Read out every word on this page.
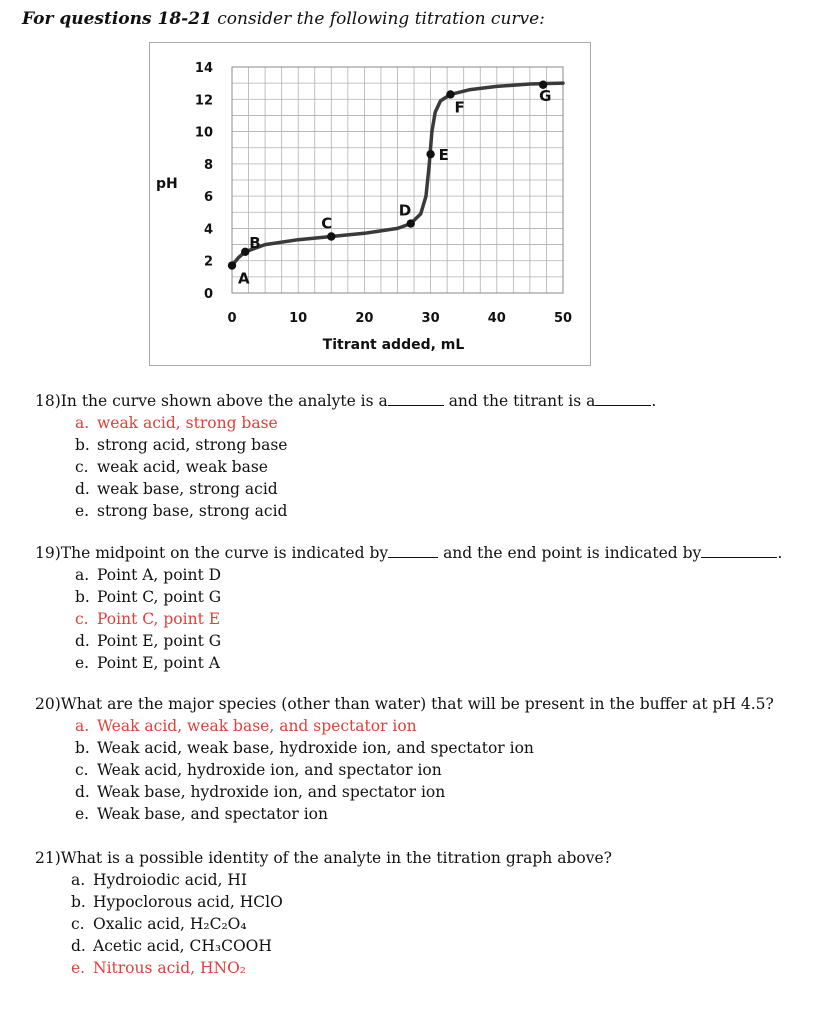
For questions 18-21 consider the following titration curve:
0	10	20	30	40	50
0
2
4
6
8
10
12
14
Titrant added, mL
pH
A
B
C
D
E
F
G
18)In the curve shown above the analyte is a	and the titrant is a	.
a. weak acid, strong base
b. strong acid, strong base
c. weak acid, weak base
d. weak base, strong acid
e. strong base, strong acid
19)The midpoint on the curve is indicated by	and the end point is indicated by	.
a. Point A, point D
b. Point C, point G
c. Point C, point E
d. Point E, point G
e. Point E, point A
20)What are the major species (other than water) that will be present in the buffer at pH 4.5?
a. Weak acid, weak base, and spectator ion
b. Weak acid, weak base, hydroxide ion, and spectator ion
c. Weak acid, hydroxide ion, and spectator ion
d. Weak base, hydroxide ion, and spectator ion
e. Weak base, and spectator ion
21)What is a possible identity of the analyte in the titration graph above?
a. Hydroiodic acid, HI
b. Hypoclorous acid, HClO
c. Oxalic acid, H₂C₂O₄
d. Acetic acid, CH₃COOH
e. Nitrous acid, HNO₂
